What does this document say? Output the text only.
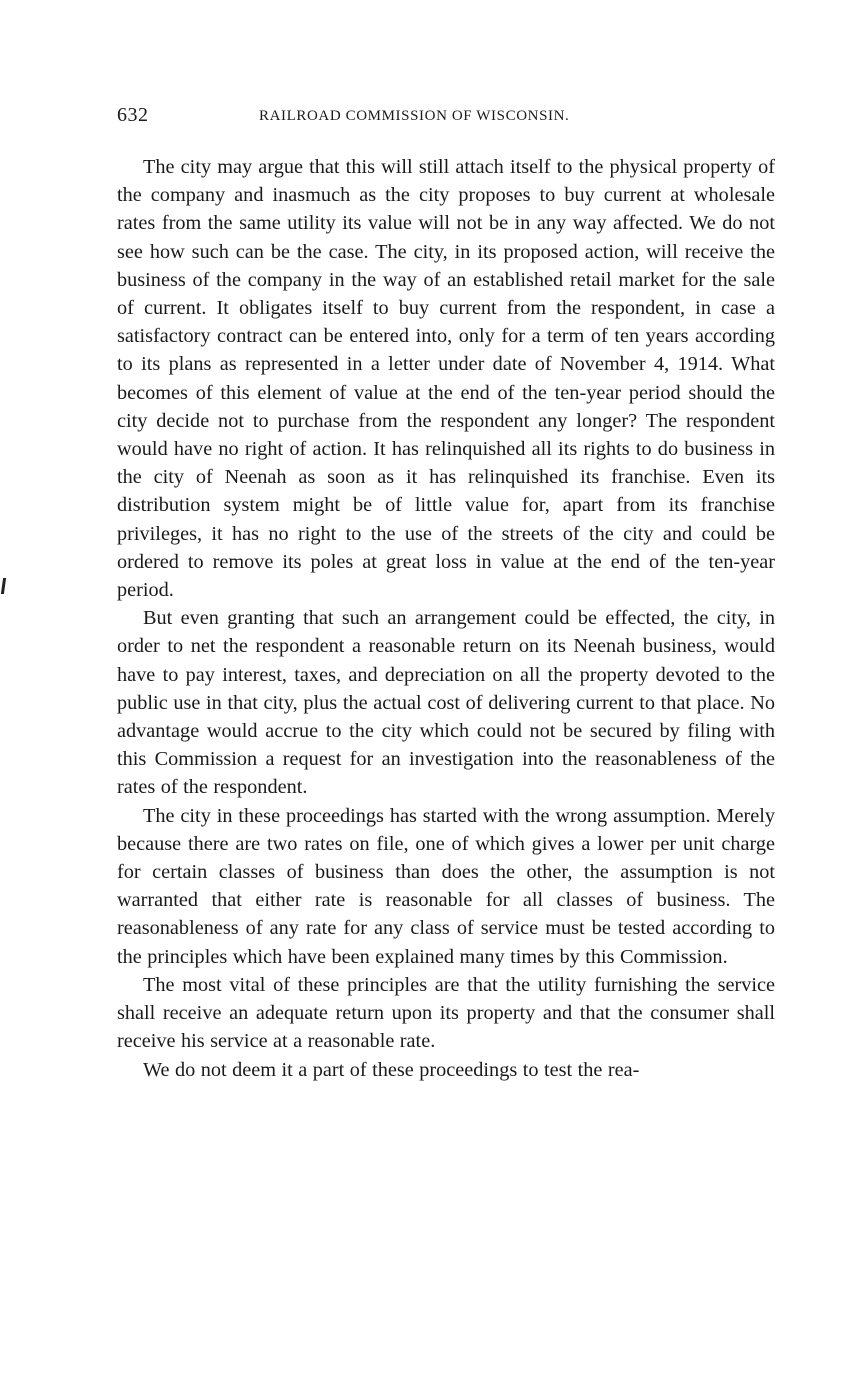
632	RAILROAD COMMISSION OF WISCONSIN.

The city may argue that this will still attach itself to the physical property of the company and inasmuch as the city proposes to buy current at wholesale rates from the same utility its value will not be in any way affected. We do not see how such can be the case. The city, in its proposed action, will receive the business of the company in the way of an established retail market for the sale of current. It obligates itself to buy current from the respondent, in case a satisfactory contract can be entered into, only for a term of ten years according to its plans as represented in a letter under date of November 4, 1914. What becomes of this element of value at the end of the ten-year period should the city decide not to purchase from the respondent any longer? The respondent would have no right of action. It has relinquished all its rights to do business in the city of Neenah as soon as it has relinquished its franchise. Even its distribution system might be of little value for, apart from its franchise privileges, it has no right to the use of the streets of the city and could be ordered to remove its poles at great loss in value at the end of the ten-year period.

But even granting that such an arrangement could be effected, the city, in order to net the respondent a reasonable return on its Neenah business, would have to pay interest, taxes, and depreciation on all the property devoted to the public use in that city, plus the actual cost of delivering current to that place. No advantage would accrue to the city which could not be secured by filing with this Commission a request for an investigation into the reasonableness of the rates of the respondent.

The city in these proceedings has started with the wrong assumption. Merely because there are two rates on file, one of which gives a lower per unit charge for certain classes of business than does the other, the assumption is not warranted that either rate is reasonable for all classes of business. The reasonableness of any rate for any class of service must be tested according to the principles which have been explained many times by this Commission.

The most vital of these principles are that the utility furnishing the service shall receive an adequate return upon its property and that the consumer shall receive his service at a reasonable rate.

We do not deem it a part of these proceedings to test the rea-
